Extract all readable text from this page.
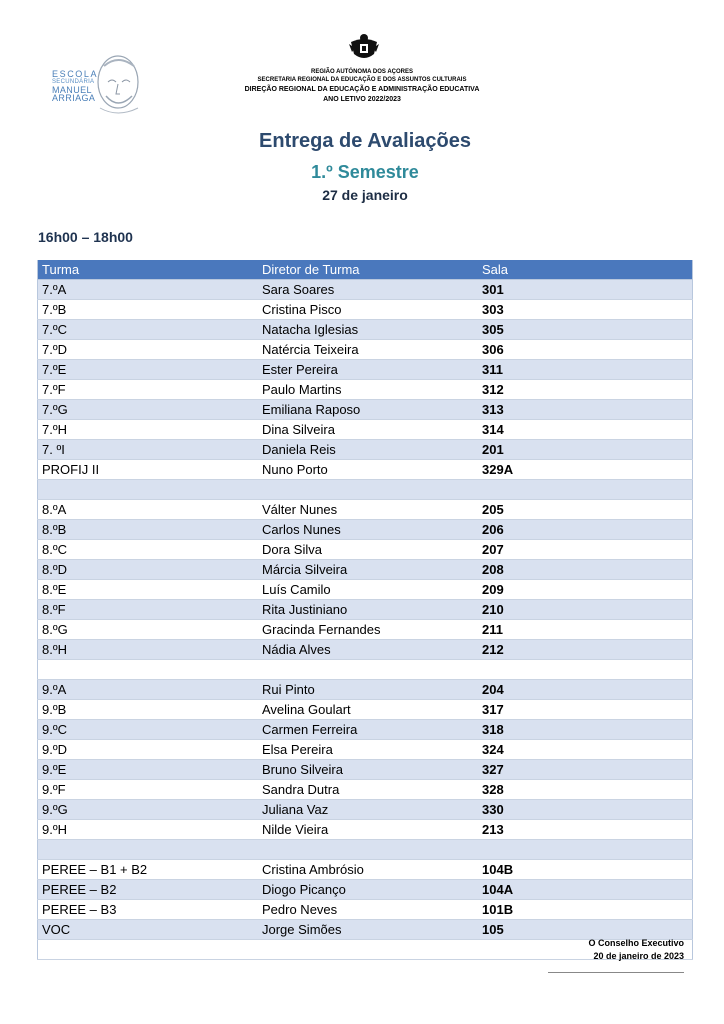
ESCOLA
SECUNDÁRIA
MANUEL
ARRIAGA
REGIÃO AUTÓNOMA DOS AÇORES
SECRETARIA REGIONAL DA EDUCAÇÃO E DOS ASSUNTOS CULTURAIS
DIREÇÃO REGIONAL DA EDUCAÇÃO E ADMINISTRAÇÃO EDUCATIVA
ANO LETIVO 2022/2023
Entrega de Avaliações
1.º Semestre
27 de janeiro
16h00 – 18h00
Turma	Diretor de Turma	Sala
7.ºA	Sara Soares	301
7.ºB	Cristina Pisco	303
7.ºC	Natacha Iglesias	305
7.ºD	Natércia Teixeira	306
7.ºE	Ester Pereira	311
7.ºF	Paulo Martins	312
7.ºG	Emiliana Raposo	313
7.ºH	Dina Silveira	314
7. ºI	Daniela Reis	201
PROFIJ II	Nuno Porto	329A

8.ºA	Válter Nunes	205
8.ºB	Carlos Nunes	206
8.ºC	Dora Silva	207
8.ºD	Márcia Silveira	208
8.ºE	Luís Camilo	209
8.ºF	Rita Justiniano	210
8.ºG	Gracinda Fernandes	211
8.ºH	Nádia Alves	212

9.ºA	Rui Pinto	204
9.ºB	Avelina Goulart	317
9.ºC	Carmen Ferreira	318
9.ºD	Elsa Pereira	324
9.ºE	Bruno Silveira	327
9.ºF	Sandra Dutra	328
9.ºG	Juliana Vaz	330
9.ºH	Nilde Vieira	213

PEREE – B1 + B2	Cristina Ambrósio	104B
PEREE – B2	Diogo Picanço	104A
PEREE – B3	Pedro Neves	101B
VOC	Jorge Simões	105

O Conselho Executivo
20 de janeiro de 2023
